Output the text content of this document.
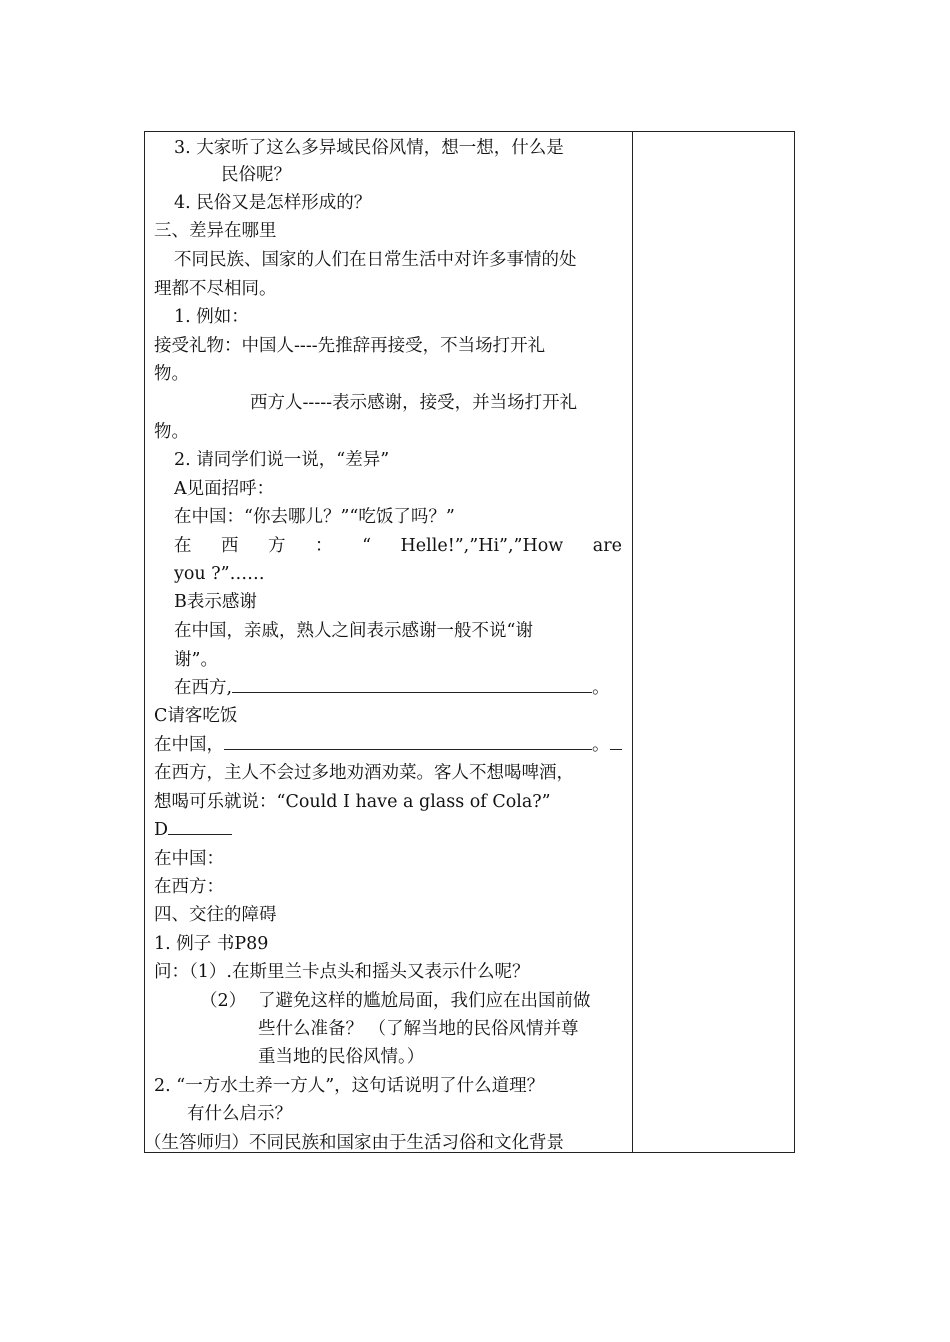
3. 大家听了这么多异域民俗风情，想一想，什么是
民俗呢？
4. 民俗又是怎样形成的？
三、差异在哪里
不同民族、国家的人们在日常生活中对许多事情的处
理都不尽相同。
1. 例如：
接受礼物：中国人----先推辞再接受，不当场打开礼
物。
西方人-----表示感谢，接受，并当场打开礼
物。
2. 请同学们说一说，“差异”
A见面招呼：
在中国：“你去哪儿？”“吃饭了吗？”
在 西 方 ： “ Helle!”,”Hi”,”How are
you ?”……
B表示感谢
在中国，亲戚，熟人之间表示感谢一般不说“谢
谢”。
在西方,	。
C请客吃饭
在中国，	。
在西方，主人不会过多地劝酒劝菜。客人不想喝啤酒，
想喝可乐就说：“Could I have a glass of Cola?”
D
在中国：
在西方：
四、交往的障碍
1. 例子 书P89
问：（1）.在斯里兰卡点头和摇头又表示什么呢？
（2） 了避免这样的尴尬局面，我们应在出国前做
些什么准备？ （了解当地的民俗风情并尊
重当地的民俗风情。）
2. “一方水土养一方人”，这句话说明了什么道理？
有什么启示？
（生答师归）不同民族和国家由于生活习俗和文化背景
